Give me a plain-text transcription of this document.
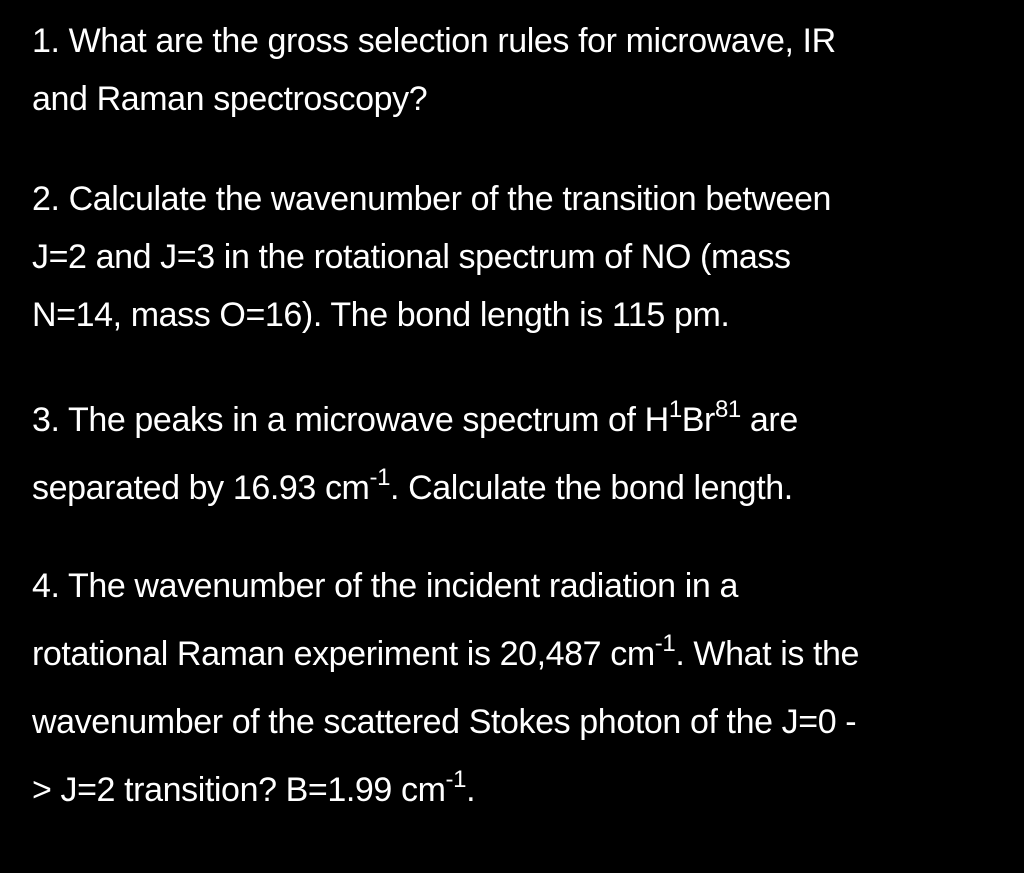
1. What are the gross selection rules for microwave, IR
and Raman spectroscopy?
2. Calculate the wavenumber of the transition between
J=2 and J=3 in the rotational spectrum of NO (mass
N=14, mass O=16). The bond length is 115 pm.
3. The peaks in a microwave spectrum of $H^1Br^{81}$ are
separated by 16.93 $cm^{-1}$. Calculate the bond length.
4. The wavenumber of the incident radiation in a
rotational Raman experiment is 20,487 $cm^{-1}$. What is the
wavenumber of the scattered Stokes photon of the J=0 -
> J=2 transition? B=1.99 $cm^{-1}$.
